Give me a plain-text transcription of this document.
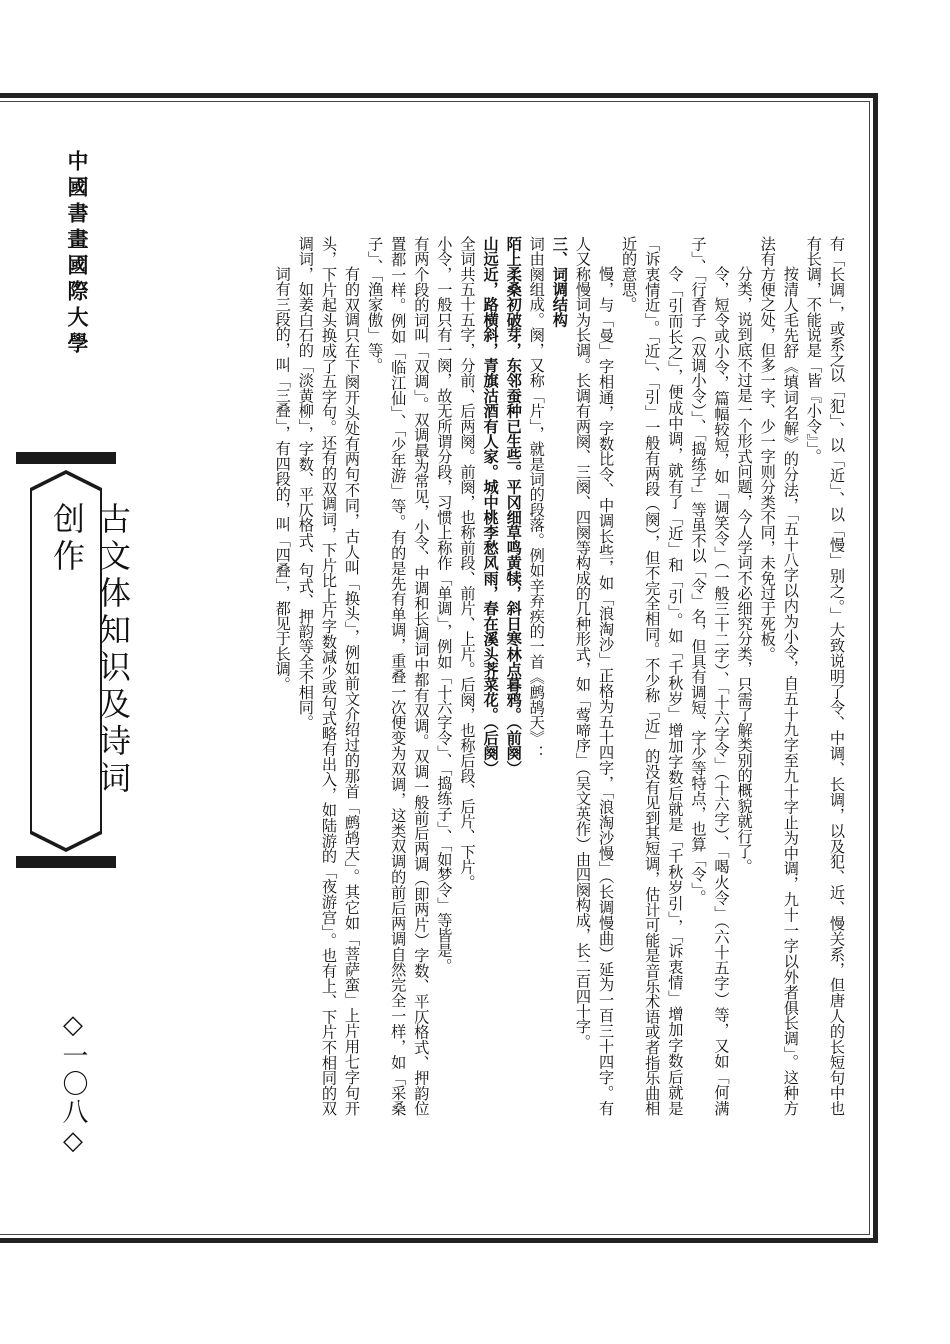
中國書畫國際大學
古文体知识及诗词创作
◇一〇八◇	有「长调」，或系之以「犯」、以「近」、以「慢」别之。」大致说明了令、中调、长调，以及犯、近、慢关系，但唐人的长短句中也有长调，不能说是「皆『小令』」。

按清人毛先舒《填词名解》的分法，「五十八字以内为小令，自五十九字至九十字止为中调，九十一字以外者俱长调」。这种方法有方便之处，但多一字、少一字则分类不同，未免过于死板。

分类，说到底不过是一个形式问题，今人学词不必细究分类，只需了解类别的概貌就行了。

令，短令或小令，篇幅较短，如「调笑令」（一般三十二字）、「十六字令」（十六字）、「喝火令」（六十五字）等，又如「何满子」、「行香子（双调小令）」、「捣练子」等虽不以「令」名，但具有调短、字少等特点，也算「令」。

令「引而长之」，便成中调，就有了「近」和「引」。如「千秋岁」增加字数后就是「千秋岁引」，「诉衷情」增加字数后就是「诉衷情近」。「近」、「引」一般有两段（阕），但不完全相同。不少称「近」的没有见到其短调，估计可能是音乐术语或者指乐曲相近的意思。

慢，与「曼」字相通，字数比令、中调长些，如「浪淘沙」正格为五十四字，「浪淘沙慢」（长调慢曲）延为一百三十四字。有人又称慢词为长调。长调有两阕、三阕、四阕等构成的几种形式，如「莺啼序」（吴文英作）由四阕构成，长二百四十字。

三、词调结构

词由阕组成。阕，又称「片」，就是词的段落。例如辛弃疾的一首《鹧鸪天》：

陌上柔桑初破芽，东邻蚕种已生些。平冈细草鸣黄犊，斜日寒林点暮鸦。（前阕）

山远近，路横斜，青旗沽酒有人家。城中桃李愁风雨，春在溪头荠菜花。（后阕）

全词共五十五字，分前、后两阕。前阕，也称前段、前片、上片。后阕，也称后段、后片、下片。

小令，一般只有一阕，故无所谓分段，习惯上称作「单调」，例如「十六字令」、「捣练子」、「如梦令」等皆是。

有两个段的词叫「双调」。双调最为常见，小令、中调和长调词中都有双调。双调一般前后两调（即两片）字数、平仄格式、押韵位置都一样。例如「临江仙」、「少年游」等。有的是先有单调，重叠一次便变为双调，这类双调的前后两调自然完全一样，如「采桑子」、「渔家傲」等。

有的双调只在下阕开头处有两句不同，古人叫「换头」，例如前文介绍过的那首「鹧鸪天」。其它如「菩萨蛮」上片用七字句开头，下片起头换成了五字句。还有的双调词，下片比上片字数减少或句式略有出入，如陆游的「夜游宫」。也有上、下片不相同的双调词，如姜白石的「淡黄柳」，字数、平仄格式、句式、押韵等全不相同。

词有三段的，叫「三叠」，有四段的，叫「四叠」，都见于长调。
